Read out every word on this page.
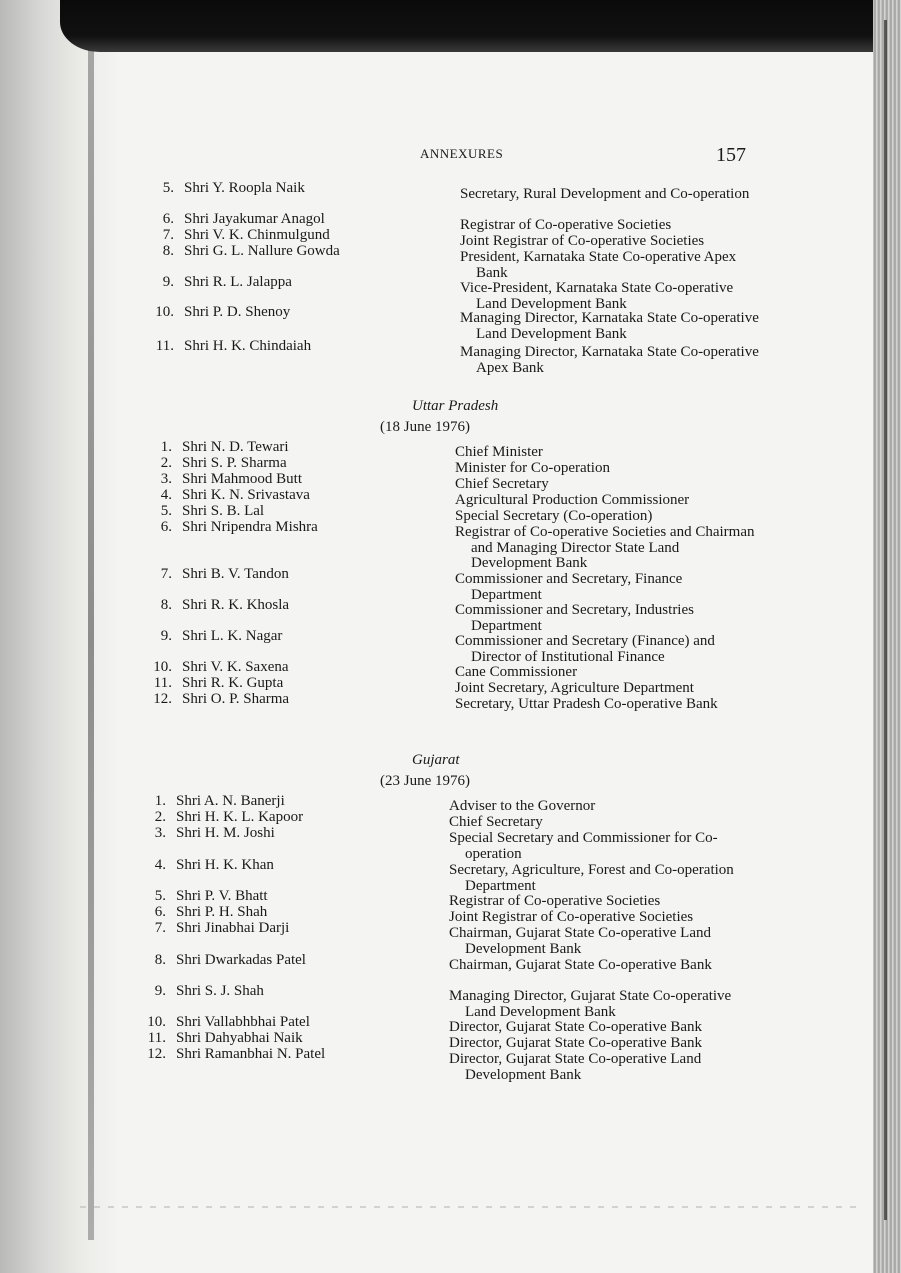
ANNEXURES	157
5. Shri Y. Roopla Naik	Secretary, Rural Development and Co-operation
6. Shri Jayakumar Anagol	Registrar of Co-operative Societies
7. Shri V. K. Chinmulgund	Joint Registrar of Co-operative Societies
8. Shri G. L. Nallure Gowda	President, Karnataka State Co-operative Apex Bank
9. Shri R. L. Jalappa	Vice-President, Karnataka State Co-operative Land Development Bank
10. Shri P. D. Shenoy	Managing Director, Karnataka State Co-operative Land Development Bank
11. Shri H. K. Chindaiah	Managing Director, Karnataka State Co-operative Apex Bank
Uttar Pradesh
(18 June 1976)
1. Shri N. D. Tewari	Chief Minister
2. Shri S. P. Sharma	Minister for Co-operation
3. Shri Mahmood Butt	Chief Secretary
4. Shri K. N. Srivastava	Agricultural Production Commissioner
5. Shri S. B. Lal	Special Secretary (Co-operation)
6. Shri Nripendra Mishra	Registrar of Co-operative Societies and Chairman and Managing Director State Land Development Bank
7. Shri B. V. Tandon	Commissioner and Secretary, Finance Department
8. Shri R. K. Khosla	Commissioner and Secretary, Industries Department
9. Shri L. K. Nagar	Commissioner and Secretary (Finance) and Director of Institutional Finance
10. Shri V. K. Saxena	Cane Commissioner
11. Shri R. K. Gupta	Joint Secretary, Agriculture Department
12. Shri O. P. Sharma	Secretary, Uttar Pradesh Co-operative Bank
Gujarat
(23 June 1976)
1. Shri A. N. Banerji	Adviser to the Governor
2. Shri H. K. L. Kapoor	Chief Secretary
3. Shri H. M. Joshi	Special Secretary and Commissioner for Co-operation
4. Shri H. K. Khan	Secretary, Agriculture, Forest and Co-operation Department
5. Shri P. V. Bhatt	Registrar of Co-operative Societies
6. Shri P. H. Shah	Joint Registrar of Co-operative Societies
7. Shri Jinabhai Darji	Chairman, Gujarat State Co-operative Land Development Bank
8. Shri Dwarkadas Patel	Chairman, Gujarat State Co-operative Bank
9. Shri S. J. Shah	Managing Director, Gujarat State Co-operative Land Development Bank
10. Shri Vallabhbhai Patel	Director, Gujarat State Co-operative Bank
11. Shri Dahyabhai Naik	Director, Gujarat State Co-operative Bank
12. Shri Ramanbhai N. Patel	Director, Gujarat State Co-operative Land Development Bank
